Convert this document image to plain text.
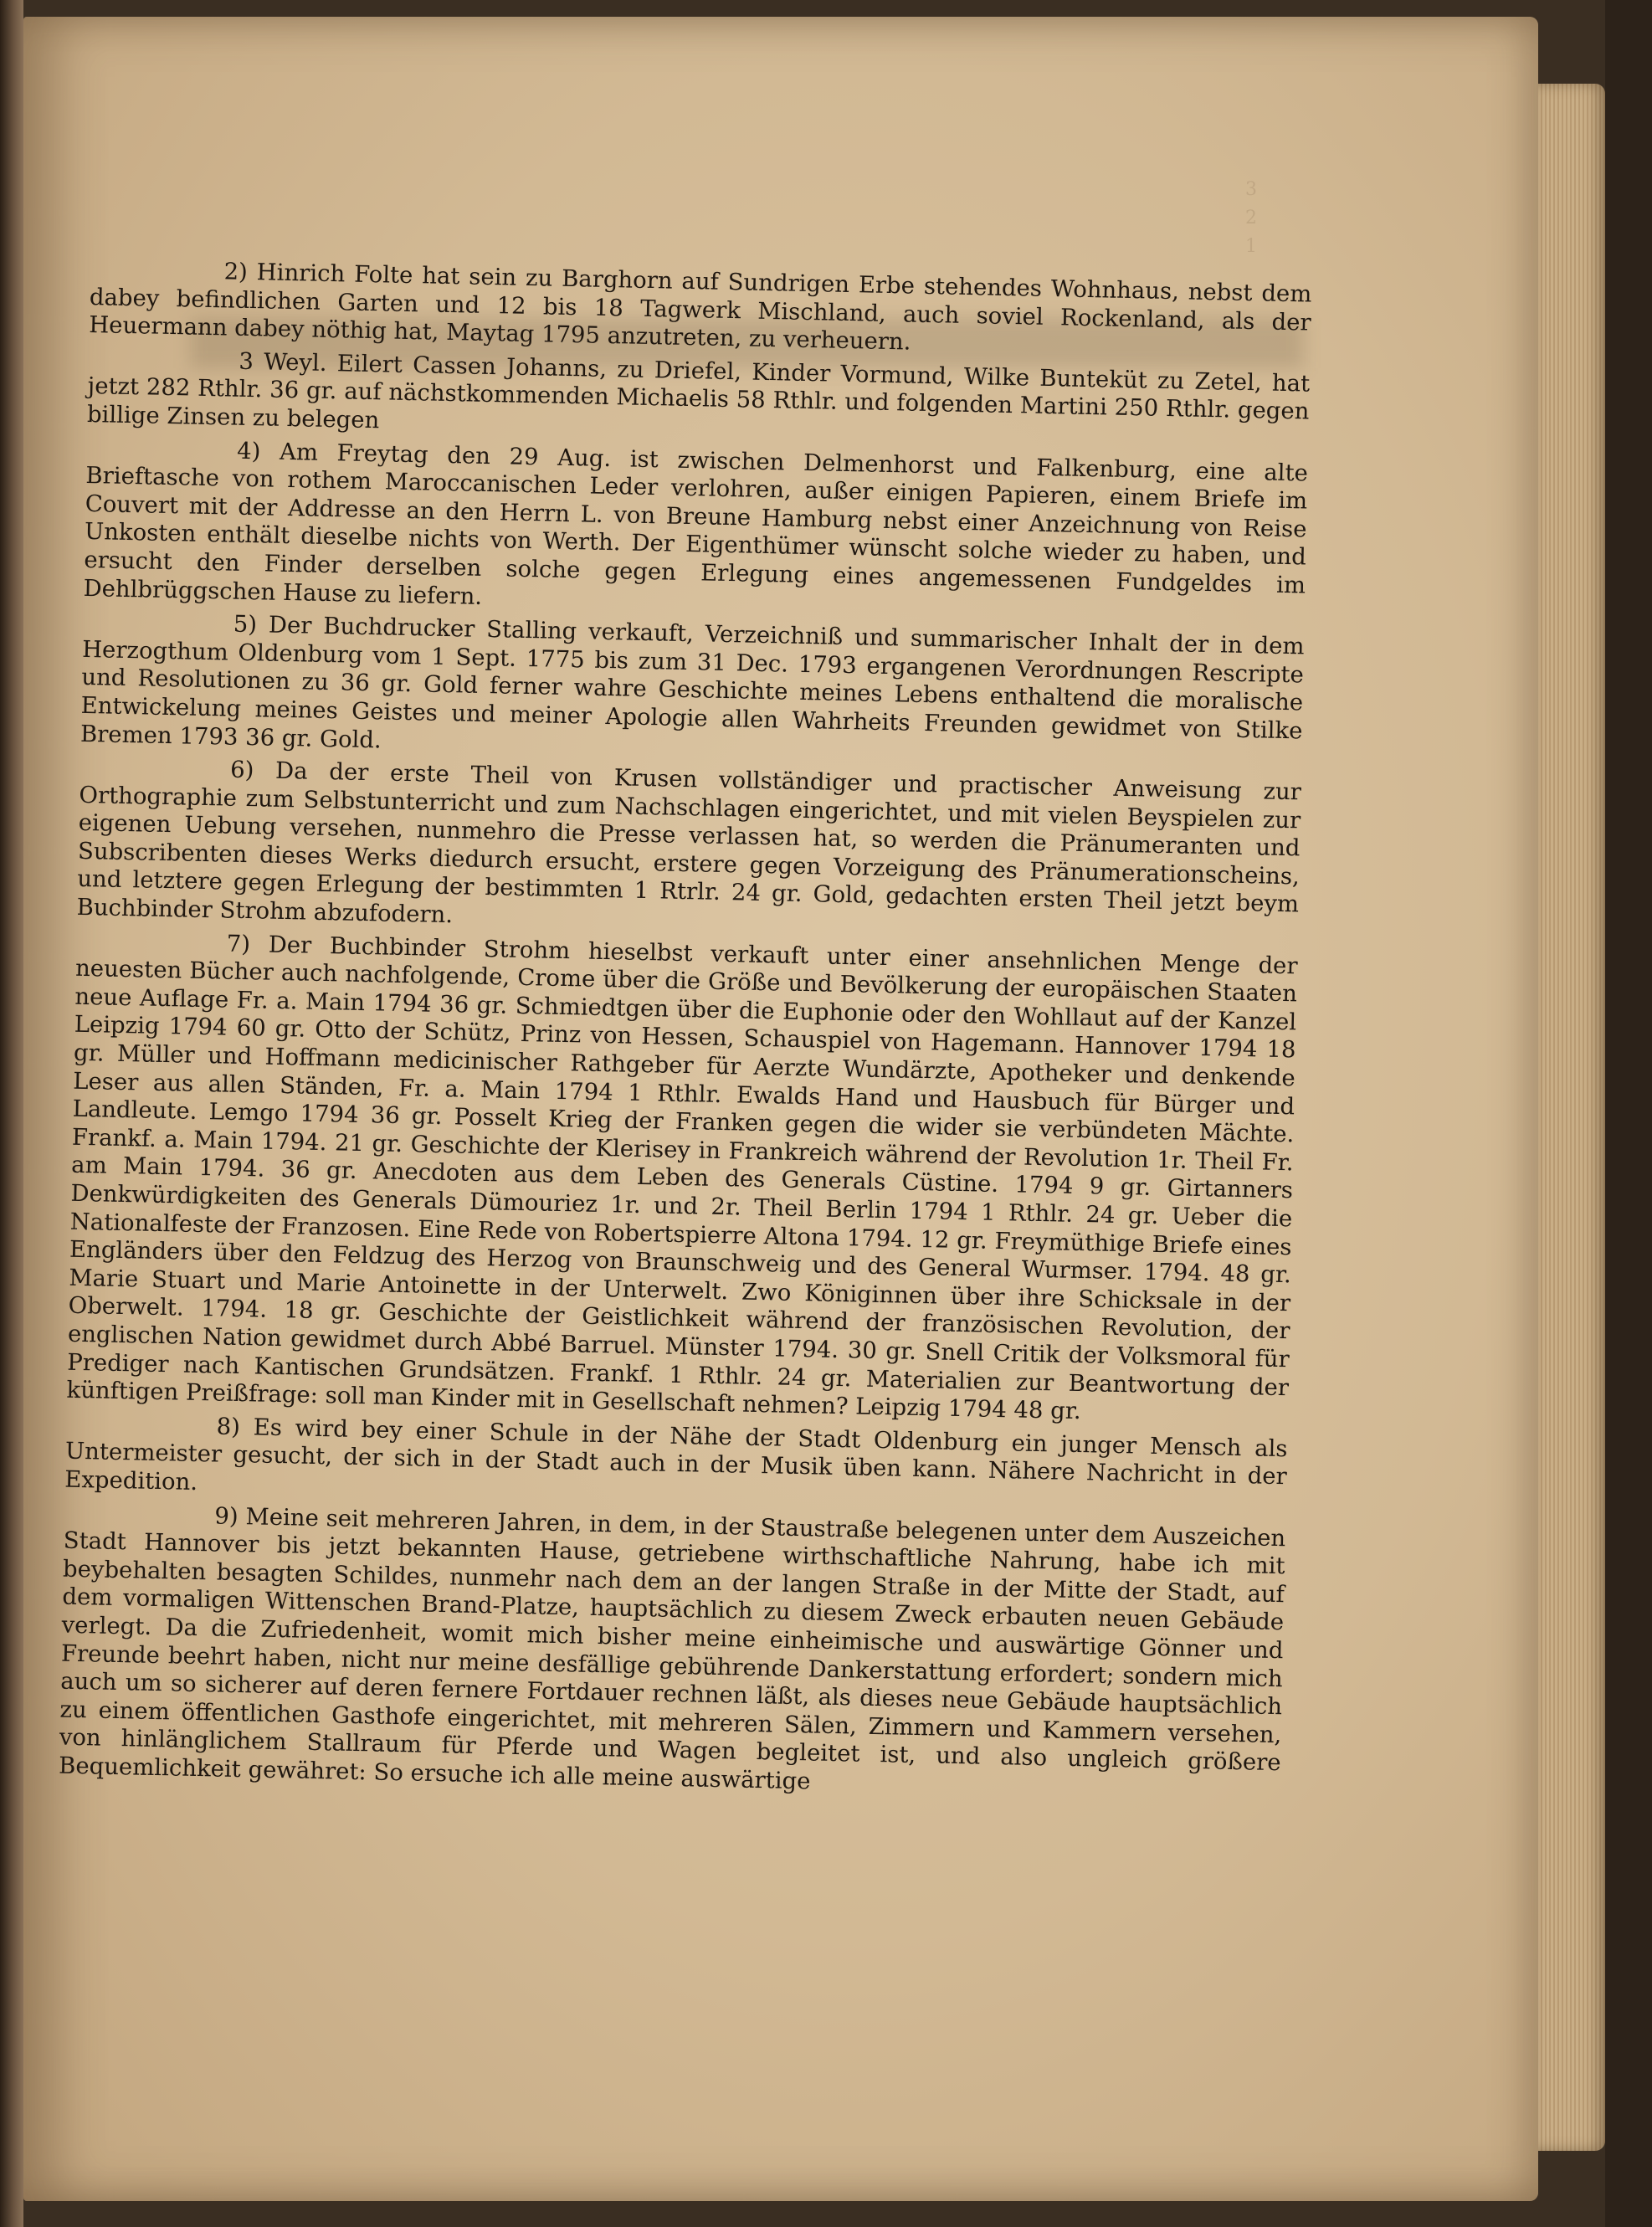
3
2
1

2) Hinrich Folte hat sein zu Barghorn auf Sundrigen Erbe stehendes Wohnhaus, nebst dem dabey befindlichen Garten und 12 bis 18 Tagwerk Mischland, auch soviel Rockenland, als der Heuermann dabey nöthig hat, Maytag 1795 anzutreten, zu verheuern.

3 Weyl. Eilert Cassen Johanns, zu Driefel, Kinder Vormund, Wilke Bunteküt zu Zetel, hat jetzt 282 Rthlr. 36 gr. auf nächstkommenden Michaelis 58 Rthlr. und folgenden Martini 250 Rthlr. gegen billige Zinsen zu belegen

4) Am Freytag den 29 Aug. ist zwischen Delmenhorst und Falkenburg, eine alte Brieftasche von rothem Maroccanischen Leder verlohren, außer einigen Papieren, einem Briefe im Couvert mit der Addresse an den Herrn L. von Breune Hamburg nebst einer Anzeichnung von Reise Unkosten enthält dieselbe nichts von Werth. Der Eigenthümer wünscht solche wieder zu haben, und ersucht den Finder derselben solche gegen Erlegung eines angemessenen Fundgeldes im Dehlbrüggschen Hause zu liefern.

5) Der Buchdrucker Stalling verkauft, Verzeichniß und summarischer Inhalt der in dem Herzogthum Oldenburg vom 1 Sept. 1775 bis zum 31 Dec. 1793 ergangenen Verordnungen Rescripte und Resolutionen zu 36 gr. Gold ferner wahre Geschichte meines Lebens enthaltend die moralische Entwickelung meines Geistes und meiner Apologie allen Wahrheits Freunden gewidmet von Stilke Bremen 1793 36 gr. Gold.

6) Da der erste Theil von Krusen vollständiger und practischer Anweisung zur Orthographie zum Selbstunterricht und zum Nachschlagen eingerichtet, und mit vielen Beyspielen zur eigenen Uebung versehen, nunmehro die Presse verlassen hat, so werden die Pränumeranten und Subscribenten dieses Werks diedurch ersucht, erstere gegen Vorzeigung des Pränumerationscheins, und letztere gegen Erlegung der bestimmten 1 Rtrlr. 24 gr. Gold, gedachten ersten Theil jetzt beym Buchbinder Strohm abzufodern.

7) Der Buchbinder Strohm hieselbst verkauft unter einer ansehnlichen Menge der neuesten Bücher auch nachfolgende, Crome über die Größe und Bevölkerung der europäischen Staaten neue Auflage Fr. a. Main 1794 36 gr. Schmiedtgen über die Euphonie oder den Wohllaut auf der Kanzel Leipzig 1794 60 gr. Otto der Schütz, Prinz von Hessen, Schauspiel von Hagemann. Hannover 1794 18 gr. Müller und Hoffmann medicinischer Rathgeber für Aerzte Wundärzte, Apotheker und denkende Leser aus allen Ständen, Fr. a. Main 1794 1 Rthlr. Ewalds Hand und Hausbuch für Bürger und Landleute. Lemgo 1794 36 gr. Posselt Krieg der Franken gegen die wider sie verbündeten Mächte. Frankf. a. Main 1794. 21 gr. Geschichte der Klerisey in Frankreich während der Revolution 1r. Theil Fr. am Main 1794. 36 gr. Anecdoten aus dem Leben des Generals Cüstine. 1794 9 gr. Girtanners Denkwürdigkeiten des Generals Dümouriez 1r. und 2r. Theil Berlin 1794 1 Rthlr. 24 gr. Ueber die Nationalfeste der Franzosen. Eine Rede von Robertspierre Altona 1794. 12 gr. Freymüthige Briefe eines Engländers über den Feldzug des Herzog von Braunschweig und des General Wurmser. 1794. 48 gr. Marie Stuart und Marie Antoinette in der Unterwelt. Zwo Königinnen über ihre Schicksale in der Oberwelt. 1794. 18 gr. Geschichte der Geistlichkeit während der französischen Revolution, der englischen Nation gewidmet durch Abbé Barruel. Münster 1794. 30 gr. Snell Critik der Volksmoral für Prediger nach Kantischen Grundsätzen. Frankf. 1 Rthlr. 24 gr. Materialien zur Beantwortung der künftigen Preißfrage: soll man Kinder mit in Gesellschaft nehmen? Leipzig 1794 48 gr.

8) Es wird bey einer Schule in der Nähe der Stadt Oldenburg ein junger Mensch als Untermeister gesucht, der sich in der Stadt auch in der Musik üben kann. Nähere Nachricht in der Expedition.

9) Meine seit mehreren Jahren, in dem, in der Staustraße belegenen unter dem Auszeichen Stadt Hannover bis jetzt bekannten Hause, getriebene wirthschaftliche Nahrung, habe ich mit beybehalten besagten Schildes, nunmehr nach dem an der langen Straße in der Mitte der Stadt, auf dem vormaligen Wittenschen Brand-Platze, hauptsächlich zu diesem Zweck erbauten neuen Gebäude verlegt. Da die Zufriedenheit, womit mich bisher meine einheimische und auswärtige Gönner und Freunde beehrt haben, nicht nur meine desfällige gebührende Dankerstattung erfordert; sondern mich auch um so sicherer auf deren fernere Fortdauer rechnen läßt, als dieses neue Gebäude hauptsächlich zu einem öffentlichen Gasthofe eingerichtet, mit mehreren Sälen, Zimmern und Kammern versehen, von hinlänglichem Stallraum für Pferde und Wagen begleitet ist, und also ungleich größere Bequemlichkeit gewähret: So ersuche ich alle meine auswärtige
